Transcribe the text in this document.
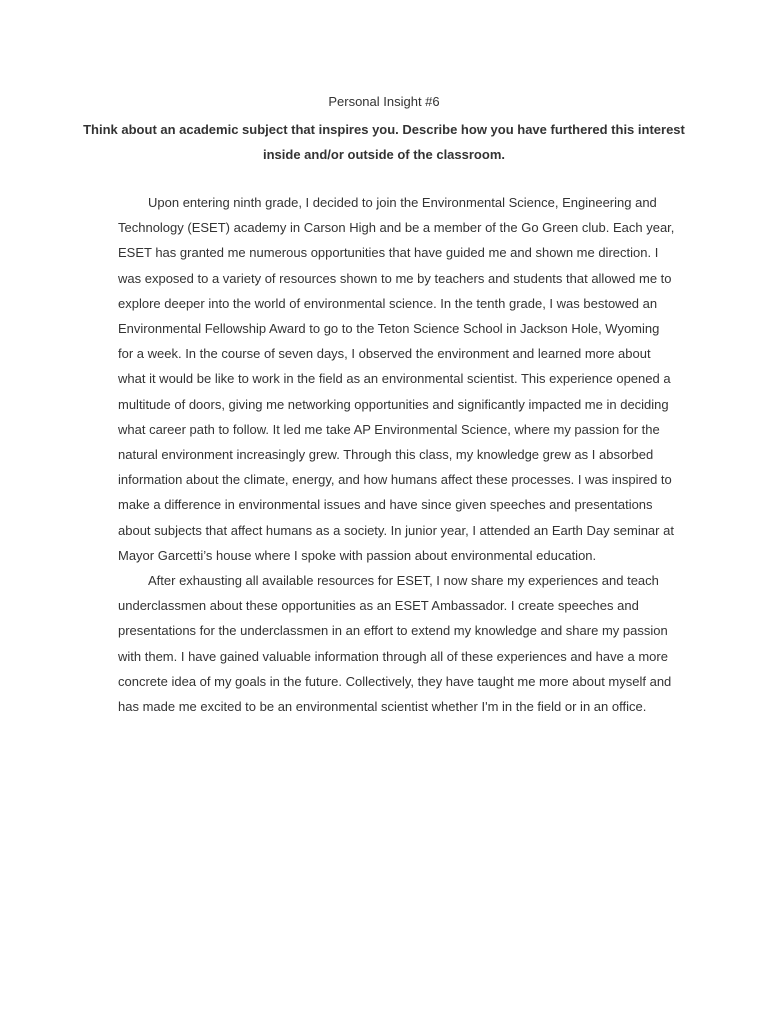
Personal Insight #6

Think about an academic subject that inspires you. Describe how you have furthered this interest inside and/or outside of the classroom.

Upon entering ninth grade, I decided to join the Environmental Science, Engineering and Technology (ESET) academy in Carson High and be a member of the Go Green club. Each year, ESET has granted me numerous opportunities that have guided me and shown me direction. I was exposed to a variety of resources shown to me by teachers and students that allowed me to explore deeper into the world of environmental science. In the tenth grade, I was bestowed an Environmental Fellowship Award to go to the Teton Science School in Jackson Hole, Wyoming for a week. In the course of seven days, I observed the environment and learned more about what it would be like to work in the field as an environmental scientist. This experience opened a multitude of doors, giving me networking opportunities and significantly impacted me in deciding what career path to follow. It led me take AP Environmental Science, where my passion for the natural environment increasingly grew. Through this class, my knowledge grew as I absorbed information about the climate, energy, and how humans affect these processes. I was inspired to make a difference in environmental issues and have since given speeches and presentations about subjects that affect humans as a society. In junior year, I attended an Earth Day seminar at Mayor Garcetti’s house where I spoke with passion about environmental education.

After exhausting all available resources for ESET, I now share my experiences and teach underclassmen about these opportunities as an ESET Ambassador. I create speeches and presentations for the underclassmen in an effort to extend my knowledge and share my passion with them. I have gained valuable information through all of these experiences and have a more concrete idea of my goals in the future. Collectively, they have taught me more about myself and has made me excited to be an environmental scientist whether I'm in the field or in an office.
